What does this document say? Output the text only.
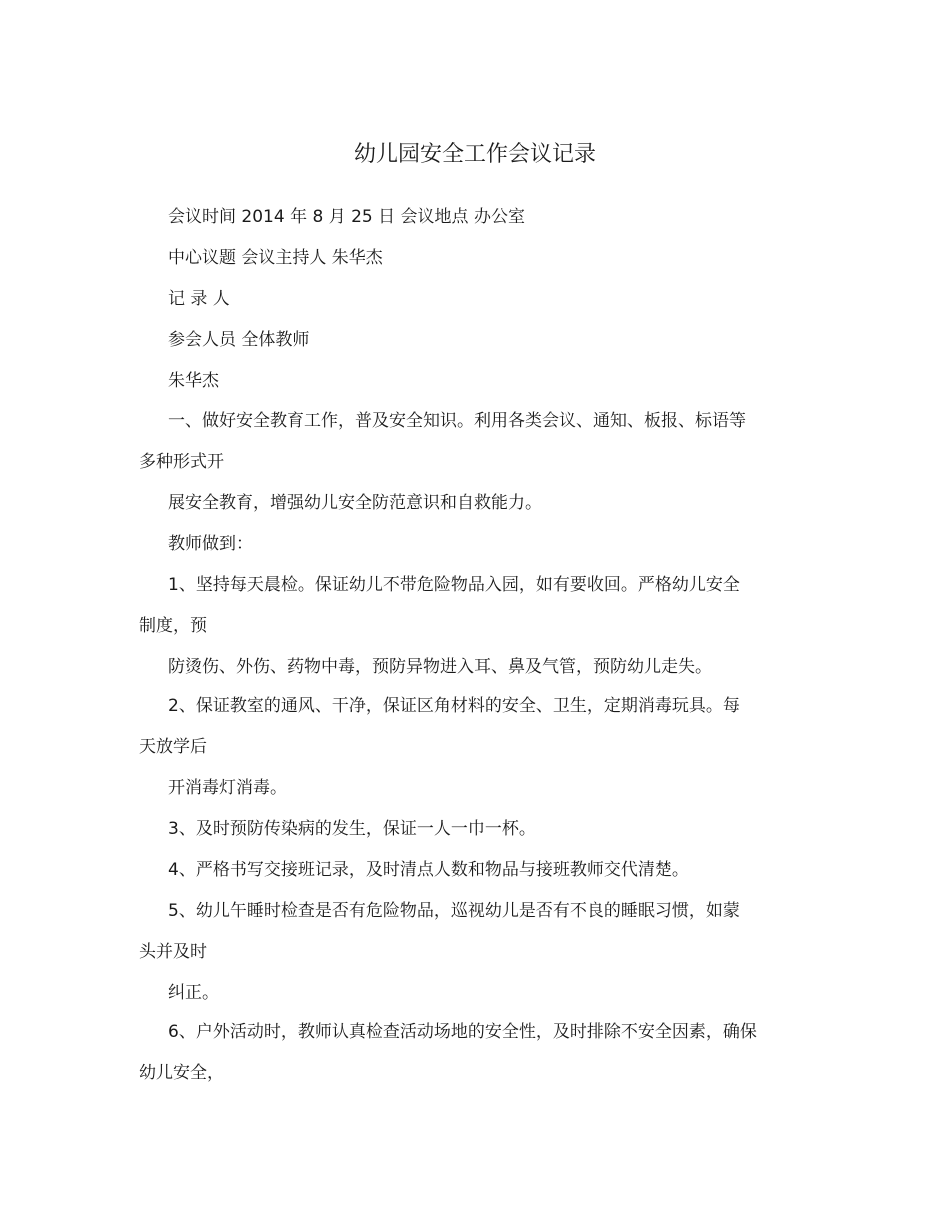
幼儿园安全工作会议记录
会议时间 2014 年 8 月 25 日 会议地点 办公室
中心议题 会议主持人 朱华杰
记 录 人
参会人员 全体教师
朱华杰
一、做好安全教育工作，普及安全知识。利用各类会议、通知、板报、标语等
多种形式开
展安全教育，增强幼儿安全防范意识和自救能力。
教师做到：
1、坚持每天晨检。保证幼儿不带危险物品入园，如有要收回。严格幼儿安全
制度，预
防烫伤、外伤、药物中毒，预防异物进入耳、鼻及气管，预防幼儿走失。
2、保证教室的通风、干净，保证区角材料的安全、卫生，定期消毒玩具。每
天放学后
开消毒灯消毒。
3、及时预防传染病的发生，保证一人一巾一杯。
4、严格书写交接班记录，及时清点人数和物品与接班教师交代清楚。
5、幼儿午睡时检查是否有危险物品，巡视幼儿是否有不良的睡眠习惯，如蒙
头并及时
纠正。
6、户外活动时，教师认真检查活动场地的安全性，及时排除不安全因素，确保
幼儿安全，
